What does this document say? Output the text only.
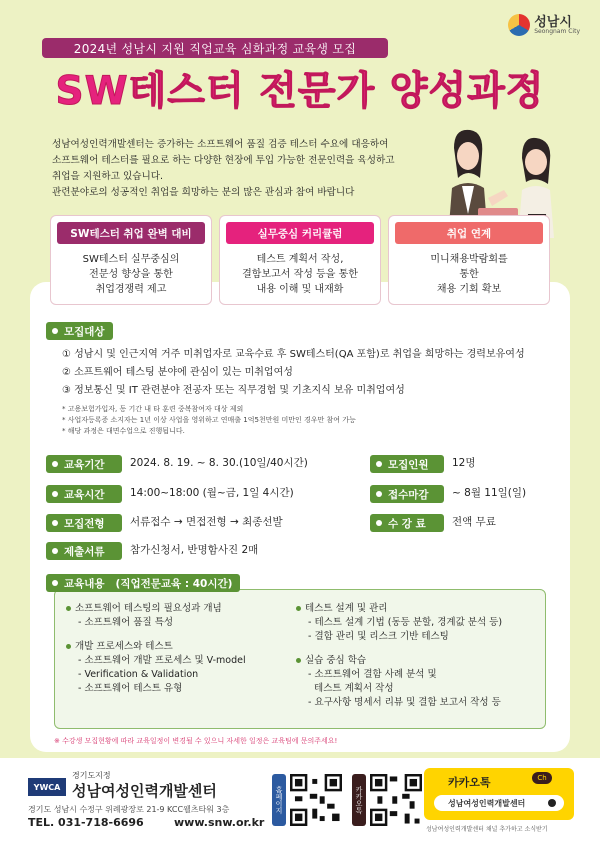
성남시
Seongnam City
2024년 성남시 지원 직업교육 심화과정 교육생 모집
SW테스터 전문가 양성과정
성남여성인력개발센터는 증가하는 소프트웨어 품질 검증 테스터 수요에 대응하여
소프트웨어 테스터를 필요로 하는 다양한 현장에 투입 가능한 전문인력을 육성하고
취업을 지원하고 있습니다.
관련분야로의 성공적인 취업을 희망하는 분의 많은 관심과 참여 바랍니다
SW테스터 취업 완벽 대비
SW테스터 실무중심의
전문성 향상을 통한
취업경쟁력 제고
실무중심 커리큘럼
테스트 계획서 작성,
결함보고서 작성 등을 통한
내용 이해 및 내재화
취업 연계
미니채용박람회를
통한
채용 기회 확보
모집대상
① 성남시 및 인근지역 거주 미취업자로 교육수료 후 SW테스터(QA 포함)로 취업을 희망하는 경력보유여성
② 소프트웨어 테스팅 분야에 관심이 있는 미취업여성
③ 정보통신 및 IT 관련분야 전공자 또는 직무경험 및 기초지식 보유 미취업여성
* 고용보험가입자, 동 기간 내 타 훈련 중복참여자 대상 제외
* 사업자등록증 소지자는 1년 이상 사업을 영위하고 연매출 1억5천만원 미만인 경우만 참여 가능
* 해당 과정은 대면수업으로 진행됩니다.
교육기간 2024. 8. 19. ~ 8. 30.(10일/40시간)	모집인원 12명
교육시간 14:00~18:00 (월~금, 1일 4시간)	접수마감 ~ 8월 11일(일)
모집전형 서류접수 → 면접전형 → 최종선발	수 강 료	전액 무료
제출서류 참가신청서, 반명함사진 2매
교육내용   (직업전문교육 : 40시간)
소프트웨어 테스팅의 필요성과 개념
- 소프트웨어 품질 특성
개발 프로세스와 테스트
- 소프트웨어 개발 프로세스 및 V-model
- Verification & Validation
- 소프트웨어 테스트 유형
테스트 설계 및 관리
- 테스트 설계 기법 (동등 분할, 경계값 분석 등)
- 결함 관리 및 리스크 기반 테스팅
실습 중심 학습
- 소프트웨어 결함 사례 분석 및
테스트 계획서 작성
- 요구사항 명세서 리뷰 및 결함 보고서 작성 등
※ 수강생 모집현황에 따라 교육일정이 변경될 수 있으니 자세한 일정은 교육팀에 문의주세요!
YWCA
경기도지정
성남여성인력개발센터
경기도 성남시 수정구 위례광장로 21-9 KCC웰츠타워 3층
TEL. 031-718-6696	www.snw.or.kr
홈페이지	카카오톡
카카오톡	Ch
성남여성인력개발센터
성남여성인력개발센터 채널 추가하고 소식받기
